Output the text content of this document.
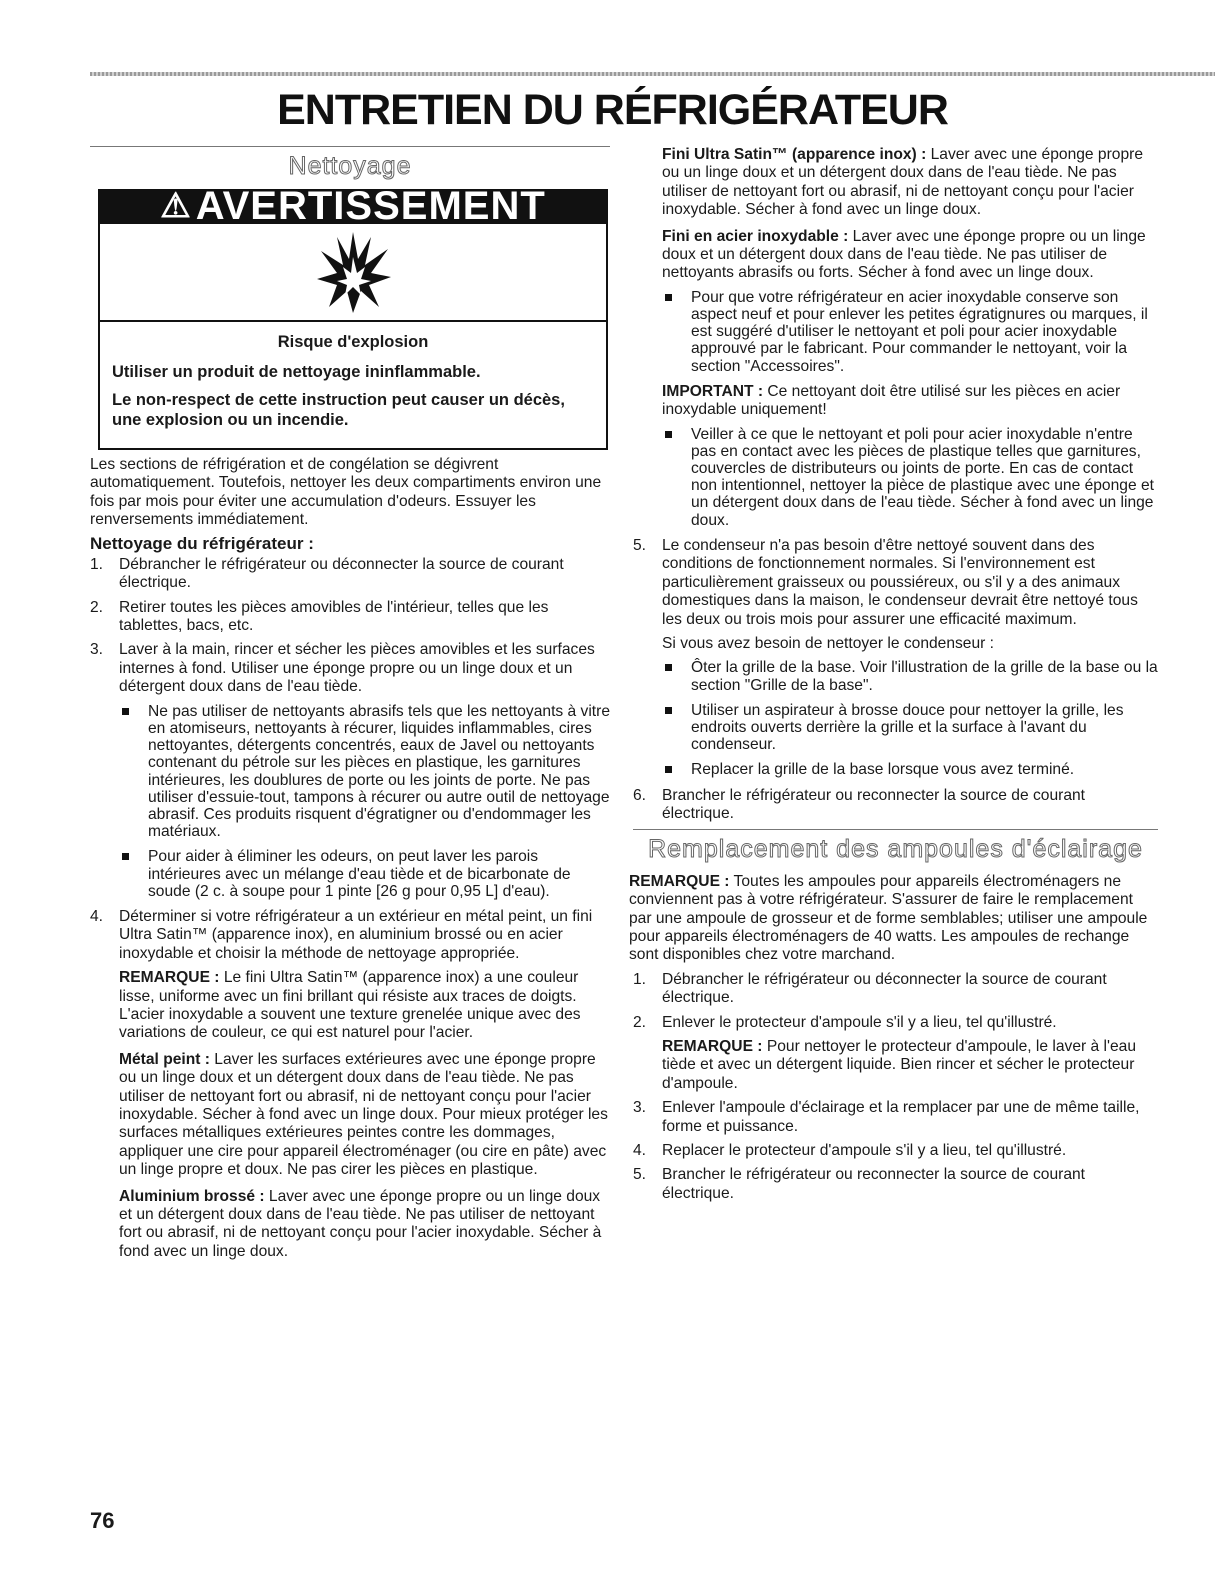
ENTRETIEN DU RÉFRIGÉRATEUR
Nettoyage
⚠ AVERTISSEMENT

Risque d'explosion

Utiliser un produit de nettoyage ininflammable.

Le non-respect de cette instruction peut causer un décès, une explosion ou un incendie.

Les sections de réfrigération et de congélation se dégivrent automatiquement. Toutefois, nettoyer les deux compartiments environ une fois par mois pour éviter une accumulation d'odeurs. Essuyer les renversements immédiatement.

Nettoyage du réfrigérateur :
1. Débrancher le réfrigérateur ou déconnecter la source de courant électrique.
2. Retirer toutes les pièces amovibles de l'intérieur, telles que les tablettes, bacs, etc.
3. Laver à la main, rincer et sécher les pièces amovibles et les surfaces internes à fond. Utiliser une éponge propre ou un linge doux et un détergent doux dans de l'eau tiède.
Ne pas utiliser de nettoyants abrasifs tels que les nettoyants à vitre en atomiseurs, nettoyants à récurer, liquides inflammables, cires nettoyantes, détergents concentrés, eaux de Javel ou nettoyants contenant du pétrole sur les pièces en plastique, les garnitures intérieures, les doublures de porte ou les joints de porte. Ne pas utiliser d'essuie-tout, tampons à récurer ou autre outil de nettoyage abrasif. Ces produits risquent d'égratigner ou d'endommager les matériaux.
Pour aider à éliminer les odeurs, on peut laver les parois intérieures avec un mélange d'eau tiède et de bicarbonate de soude (2 c. à soupe pour 1 pinte [26 g pour 0,95 L] d'eau).
4. Déterminer si votre réfrigérateur a un extérieur en métal peint, un fini Ultra Satin™ (apparence inox), en aluminium brossé ou en acier inoxydable et choisir la méthode de nettoyage appropriée.

REMARQUE : Le fini Ultra Satin™ (apparence inox) a une couleur lisse, uniforme avec un fini brillant qui résiste aux traces de doigts. L'acier inoxydable a souvent une texture grenelée unique avec des variations de couleur, ce qui est naturel pour l'acier.

Métal peint : Laver les surfaces extérieures avec une éponge propre ou un linge doux et un détergent doux dans de l'eau tiède. Ne pas utiliser de nettoyant fort ou abrasif, ni de nettoyant conçu pour l'acier inoxydable. Sécher à fond avec un linge doux. Pour mieux protéger les surfaces métalliques extérieures peintes contre les dommages, appliquer une cire pour appareil électroménager (ou cire en pâte) avec un linge propre et doux. Ne pas cirer les pièces en plastique.

Aluminium brossé : Laver avec une éponge propre ou un linge doux et un détergent doux dans de l'eau tiède. Ne pas utiliser de nettoyant fort ou abrasif, ni de nettoyant conçu pour l'acier inoxydable. Sécher à fond avec un linge doux.

Fini Ultra Satin™ (apparence inox) : Laver avec une éponge propre ou un linge doux et un détergent doux dans de l'eau tiède. Ne pas utiliser de nettoyant fort ou abrasif, ni de nettoyant conçu pour l'acier inoxydable. Sécher à fond avec un linge doux.

Fini en acier inoxydable : Laver avec une éponge propre ou un linge doux et un détergent doux dans de l'eau tiède. Ne pas utiliser de nettoyants abrasifs ou forts. Sécher à fond avec un linge doux.

Pour que votre réfrigérateur en acier inoxydable conserve son aspect neuf et pour enlever les petites égratignures ou marques, il est suggéré d'utiliser le nettoyant et poli pour acier inoxydable approuvé par le fabricant. Pour commander le nettoyant, voir la section "Accessoires".

IMPORTANT : Ce nettoyant doit être utilisé sur les pièces en acier inoxydable uniquement!

Veiller à ce que le nettoyant et poli pour acier inoxydable n'entre pas en contact avec les pièces de plastique telles que garnitures, couvercles de distributeurs ou joints de porte. En cas de contact non intentionnel, nettoyer la pièce de plastique avec une éponge et un détergent doux dans de l'eau tiède. Sécher à fond avec un linge doux.
5. Le condenseur n'a pas besoin d'être nettoyé souvent dans des conditions de fonctionnement normales. Si l'environnement est particulièrement graisseux ou poussiéreux, ou s'il y a des animaux domestiques dans la maison, le condenseur devrait être nettoyé tous les deux ou trois mois pour assurer une efficacité maximum.

Si vous avez besoin de nettoyer le condenseur :

Ôter la grille de la base. Voir l'illustration de la grille de la base ou la section "Grille de la base".
Utiliser un aspirateur à brosse douce pour nettoyer la grille, les endroits ouverts derrière la grille et la surface à l'avant du condenseur.
Replacer la grille de la base lorsque vous avez terminé.
6. Brancher le réfrigérateur ou reconnecter la source de courant électrique.
Remplacement des ampoules d'éclairage

REMARQUE : Toutes les ampoules pour appareils électroménagers ne conviennent pas à votre réfrigérateur. S'assurer de faire le remplacement par une ampoule de grosseur et de forme semblables; utiliser une ampoule pour appareils électroménagers de 40 watts. Les ampoules de rechange sont disponibles chez votre marchand.

1. Débrancher le réfrigérateur ou déconnecter la source de courant électrique.
2. Enlever le protecteur d'ampoule s'il y a lieu, tel qu'illustré.

REMARQUE : Pour nettoyer le protecteur d'ampoule, le laver à l'eau tiède et avec un détergent liquide. Bien rincer et sécher le protecteur d'ampoule.

3. Enlever l'ampoule d'éclairage et la remplacer par une de même taille, forme et puissance.
4. Replacer le protecteur d'ampoule s'il y a lieu, tel qu'illustré.
5. Brancher le réfrigérateur ou reconnecter la source de courant électrique.
76
